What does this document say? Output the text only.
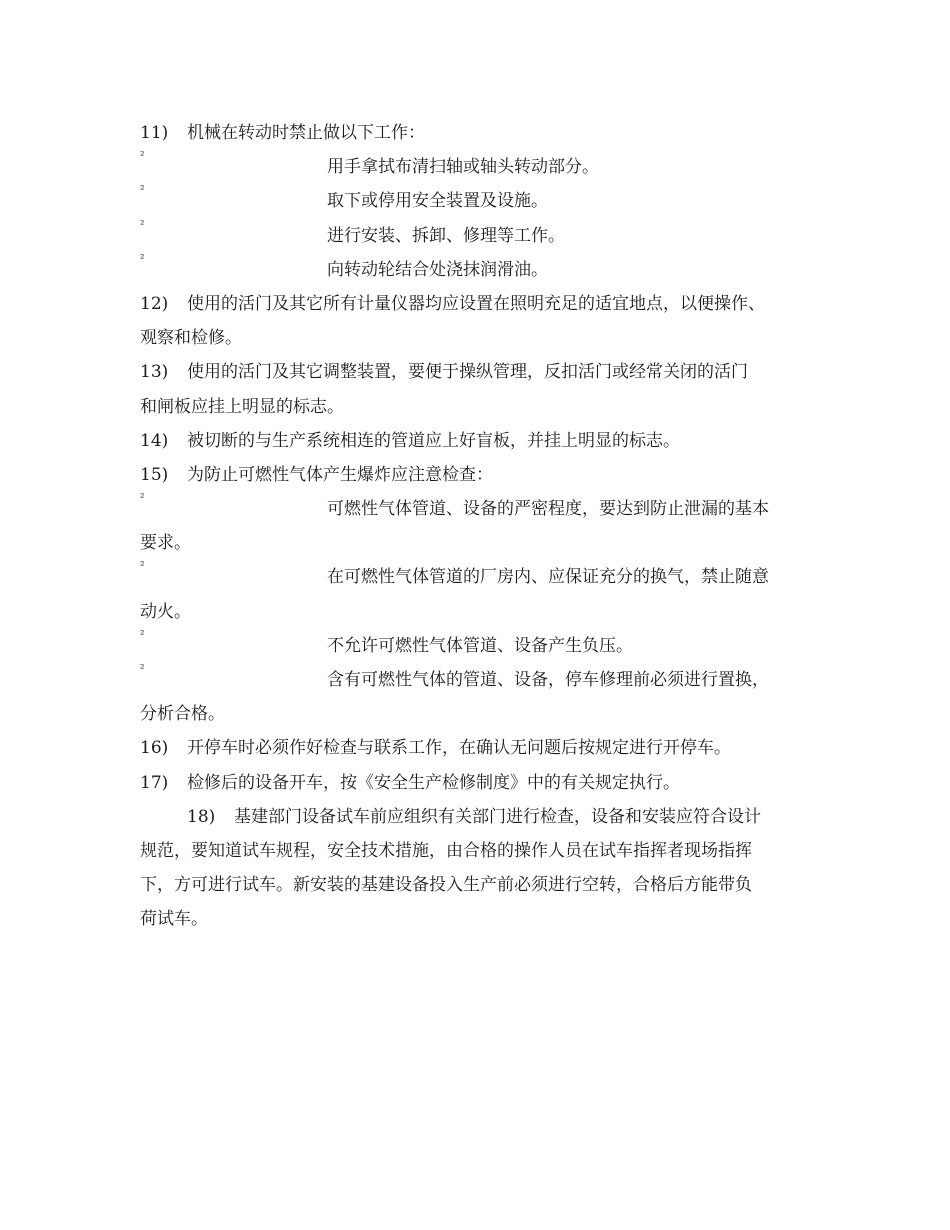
11) 机械在转动时禁止做以下工作：
²
用手拿拭布清扫轴或轴头转动部分。
²
取下或停用安全装置及设施。
²
进行安装、拆卸、修理等工作。
²
向转动轮结合处浇抹润滑油。
12) 使用的活门及其它所有计量仪器均应设置在照明充足的适宜地点，以便操作、
观察和检修。
13) 使用的活门及其它调整装置，要便于操纵管理，反扣活门或经常关闭的活门
和闸板应挂上明显的标志。
14) 被切断的与生产系统相连的管道应上好盲板，并挂上明显的标志。
15) 为防止可燃性气体产生爆炸应注意检查：
²
可燃性气体管道、设备的严密程度，要达到防止泄漏的基本
要求。
²
在可燃性气体管道的厂房内、应保证充分的换气，禁止随意
动火。
²
不允许可燃性气体管道、设备产生负压。
²
含有可燃性气体的管道、设备，停车修理前必须进行置换，
分析合格。
16) 开停车时必须作好检查与联系工作，在确认无问题后按规定进行开停车。
17) 检修后的设备开车，按《安全生产检修制度》中的有关规定执行。
18) 基建部门设备试车前应组织有关部门进行检查，设备和安装应符合设计
规范，要知道试车规程，安全技术措施，由合格的操作人员在试车指挥者现场指挥
下，方可进行试车。新安装的基建设备投入生产前必须进行空转，合格后方能带负
荷试车。
